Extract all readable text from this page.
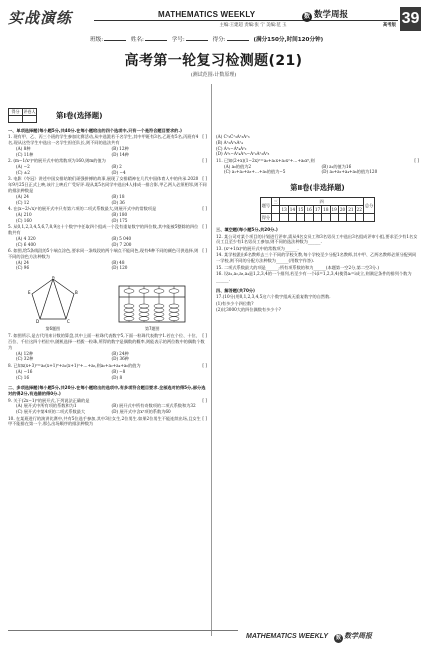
实战演练	MATHEMATICS WEEKLY	数 数学周报	39
主编:王建超 责编:张 宁 美编:范 玉	高考版
班级:	姓名:	学号:	得分:	(满分150分,时间120分钟)
高考第一轮复习检测题(21)
(测试范围:计数原理)
得分	评卷人
		第Ⅰ卷(选择题)

一、单项选择题(每小题5分,共40分.在每小题给出的四个选项中,只有一个是符合题目要求的.)

[ ]
1. 现有甲、乙、丙三个班的学生参加比赛活动,从中选派若干名学生,其中甲班有3名,乙班有5名,丙班有4名,现从这些学生中选出一名学生担任队长,则不同的选法共有

(A) 8种	(B) 12种
(C) 11种	(D) 14种

[ ]
2. (m−1/x²)⁶的展开式中的常数项为160,则m的值为

(A) −2	(B) 2
(C) ±2	(D) −4

[ ]
3. 电影《夺冠》讲述中国女排姑娘们顽强拼搏的故事,展现了女排精神在几代中国体育人中的传承.2020年9月25日正式上映,该片上映后广受好评.现从某5名同学中选出4人排成一排合影,甲乙两人必须相邻,则不同的排法种数是

(A) 24	(B) 18
(C) 12	(D) 36

[ ]
4. 在(x−2/√x)ⁿ的展开式中只有第六项的二项式系数最大,则展开式中的常数项是

(A) 210	(B) 180
(C) 160	(D) 175

[ ]
5. 从0,1,2,3,4,5,6,7,8,9这十个数字中任取四个组成一个没有重复数字的四位数,其中能被5整除的四位数共有

(A) 4 320	(B) 5 040
(C) 6 400	(D) 7 200

[ ]
6. 如图,给5条线段的5个端点涂色,要求同一条线段的两个端点不能同色,现有4种不同的颜色可供选择,则不同的涂色方法种数为

(A) 24	(B) 48
(C) 96	(D) 120
A
B
C
D
E
第6题图	第7题图

[ ]
7. 如图所示,是古代用来计数的算盘,其中上面一粒珠代表数字5,下面一粒珠代表数字1.若在个位、十位、百位、千位这四个档位中,随机选择一档拨一粒珠,所得的数字是偶数的概率,则能表示的两位数中的偶数个数为

(A) 12种	(B) 24种
(C) 32种	(D) 36种

[ ]
8. 已知x(x+3)⁵=a₀(x+1)⁶+a₁(x+1)⁵+…+a₆,则a₀+a₂+a₄+a₆的值为

(A) −16	(B) −8
(C) 16	(D) 8

二、多项选择题(每小题5分,共20分.在每小题给出的选项中,有多项符合题目要求.全部选对的得5分,部分选对的得2分,有选错的得0分.)

[ ]
9. 关于(2x−1)⁶的展开式,下列说法正确的是

(A) 展开式中所有项的系数和为1	(B) 展开式中所有奇数项的二项式系数和为32
(C) 展开式中第4项的二项式系数最大	(D) 展开式中含x²项的系数为60

[ ]
10. 在某班进行的演讲比赛中,共有5位选手参加,其中3位女生,2位男生.如果2位男生不能连续出场,且女生甲不能排在第一个,那么出场顺序的排法种数为

(A) C²₂C²₃A²₃A²₃

(B) A²₂A³₃A²₄

(C) A⁵₅−A⁴₄A²₂

(D) A⁵₅−A²₄A³₃−A²₂A²₃A³₃

[ ]
11. 已知(2+x)(1−2x)⁵=a₀+a₁x+a₂x²+…+a₆x⁶,则

(A) a₀的值为2	(B) a₁的值为16
(C) a₁+a₂+a₃+…+a₆的值为−5	(D) a₀+a₂+a₄+a₆的值为120
第Ⅱ卷(非选择题)
题号	三	四										总分
		13	14	15	16	17	18	19	20	21	22	
得分												

三、填空题(每小题5分,共20分.)

12. 某公司对某个项目的计划进行评审,需从4名女员工和3名男员工中选出3名组成评审小组,要求至少有1名女员工且至少有1名男员工参加,则不同的选法种数为______.

13. (x²+1/x)⁶的展开式中的常数项为______.

14. 某学校派出6名教师去三个不同的学校支教,每个学校至少分配1名教师,其中甲、乙两名教师必须分配到同一学校,则不同的分配方法种数为______(用数字作答).

15. 二项式系数最大的项是______;所有项系数的和为______(本题第一空2分,第二空3分.)

16. 设a₁,a₂,a₃,a₄是1,2,3,4的一个排列,若至少有一个i(i=1,2,3,4)使得aᵢ=i成立,则满足条件的排列个数为______.

四、解答题(共70分)

17.(10分)用0,1,2,3,4,5这六个数字组成无重复数字的自然数.

(1)有多少个四位数?

(2)比3000大的四位偶数有多少个?

MATHEMATICS WEEKLY 数 数学周报
